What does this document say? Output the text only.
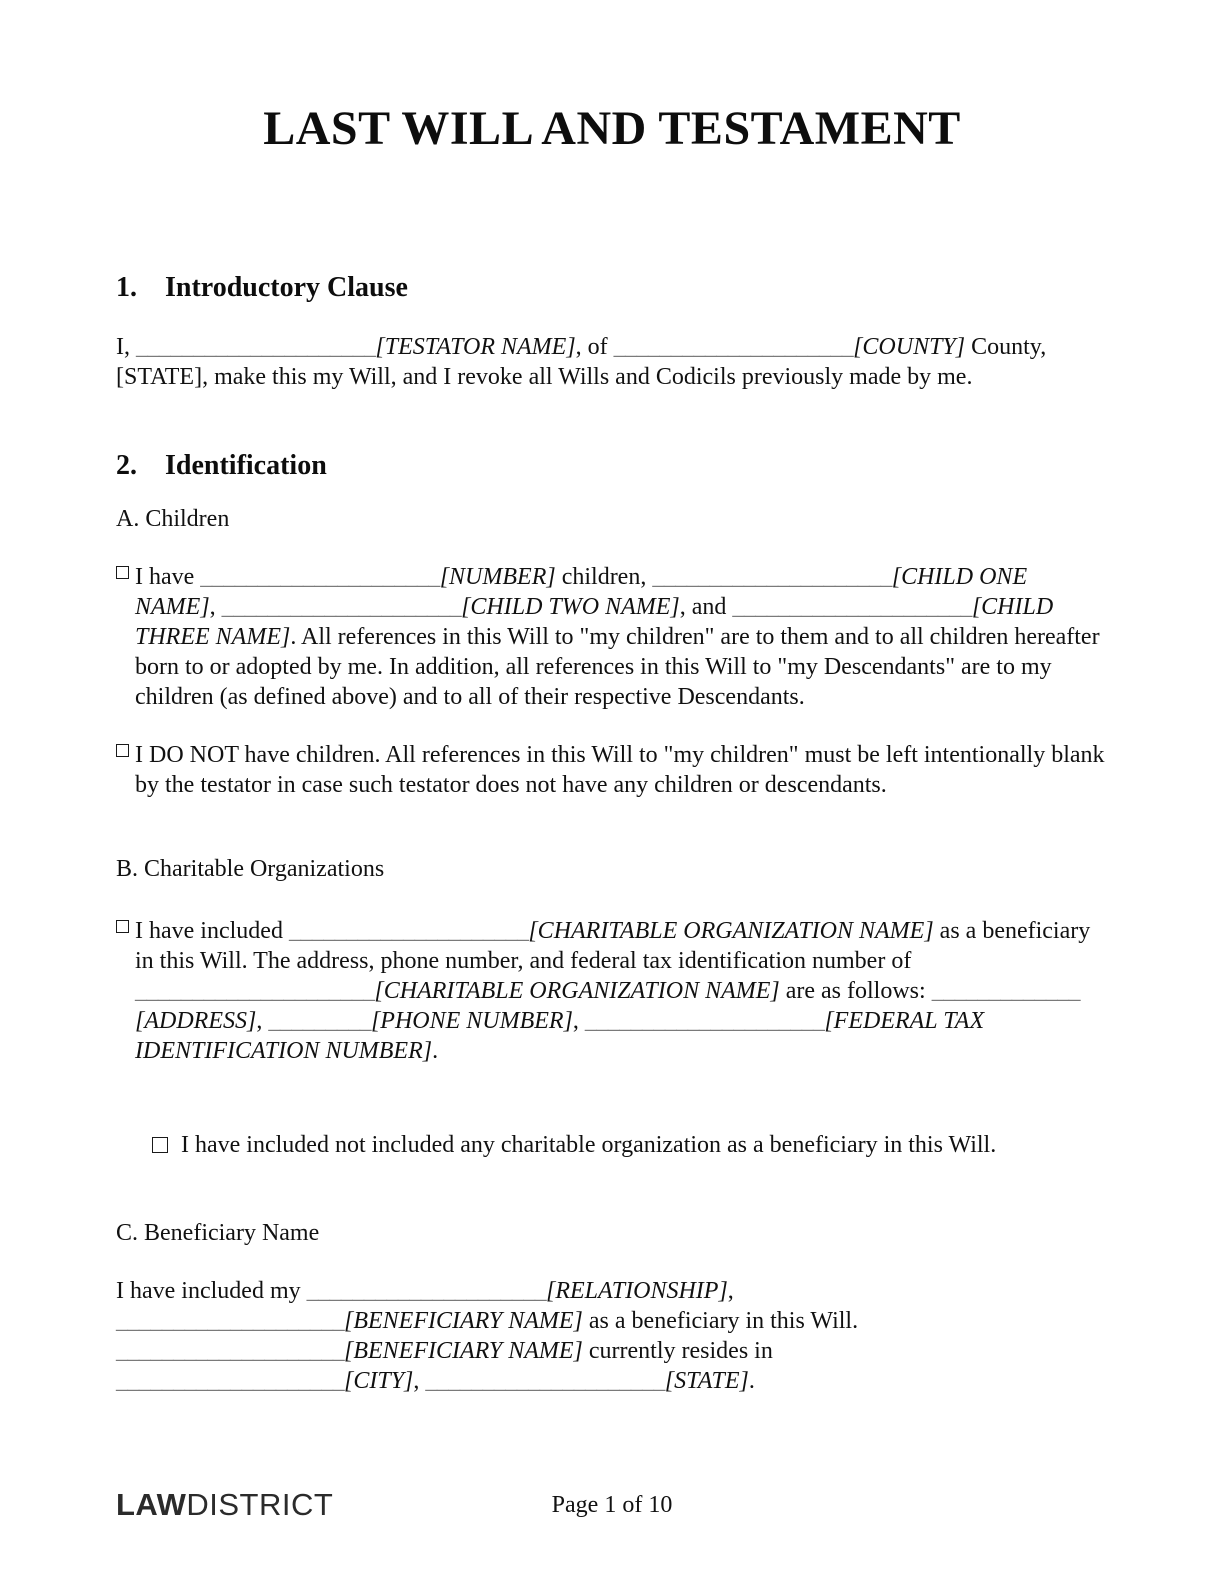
LAST WILL AND TESTAMENT
1. Introductory Clause
I, _____________________[TESTATOR NAME], of _____________________[COUNTY] County,
[STATE], make this my Will, and I revoke all Wills and Codicils previously made by me.
2. Identification
A. Children
I have _____________________[NUMBER] children, _____________________[CHILD ONE
NAME], _____________________[CHILD TWO NAME], and _____________________[CHILD
THREE NAME]. All references in this Will to "my children" are to them and to all children hereafter
born to or adopted by me. In addition, all references in this Will to "my Descendants" are to my
children (as defined above) and to all of their respective Descendants.
I DO NOT have children. All references in this Will to "my children" must be left intentionally blank
by the testator in case such testator does not have any children or descendants.
B. Charitable Organizations
I have included _____________________[CHARITABLE ORGANIZATION NAME] as a beneficiary
in this Will. The address, phone number, and federal tax identification number of
_____________________[CHARITABLE ORGANIZATION NAME] are as follows: _____________
[ADDRESS], _________[PHONE NUMBER], _____________________[FEDERAL TAX
IDENTIFICATION NUMBER].

I have included not included any charitable organization as a beneficiary in this Will.

C. Beneficiary Name
I have included my _____________________[RELATIONSHIP],
____________________[BENEFICIARY NAME] as a beneficiary in this Will.
____________________[BENEFICIARY NAME] currently resides in
____________________[CITY], _____________________[STATE].
LAWDISTRICT	Page 1 of 10
